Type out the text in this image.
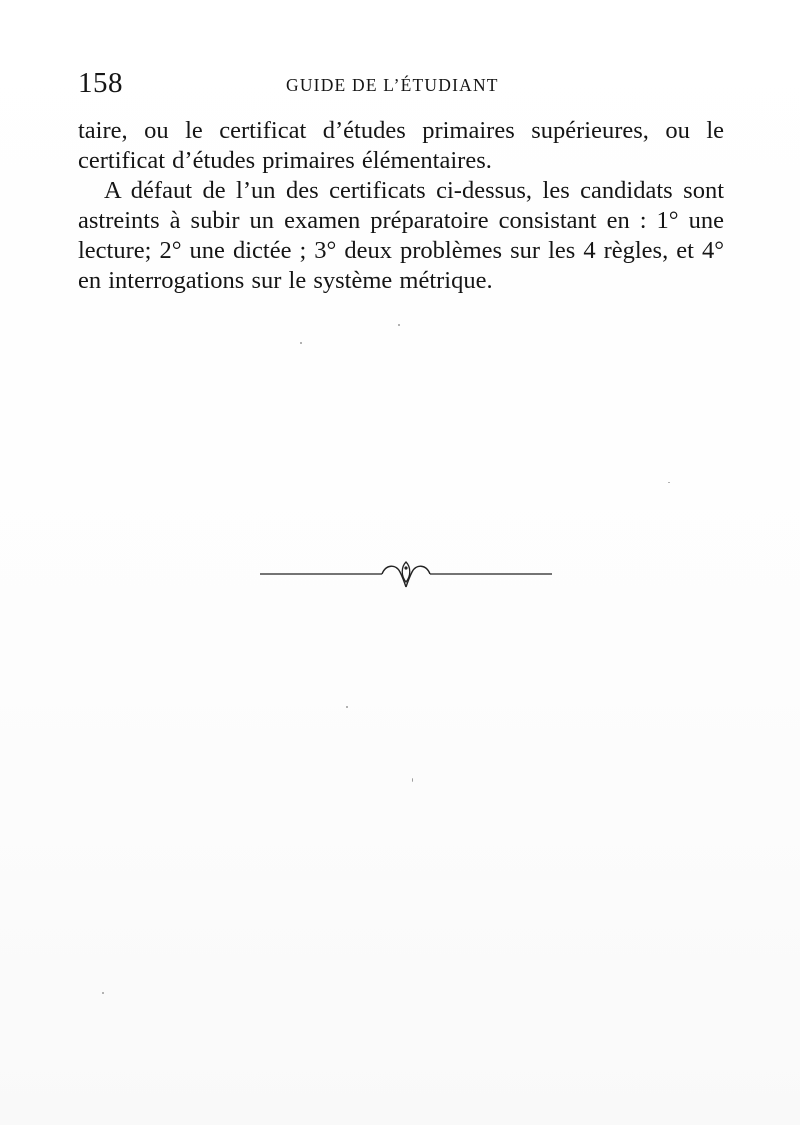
158	GUIDE DE L’ÉTUDIANT

taire, ou le certificat d’études primaires supérieures, ou le certificat d’études primaires élémentaires.

A défaut de l’un des certificats ci-dessus, les candidats sont astreints à subir un examen préparatoire consistant en : 1° une lecture; 2° une dictée ; 3° deux problèmes sur les 4 règles, et 4° en interrogations sur le système métrique.
